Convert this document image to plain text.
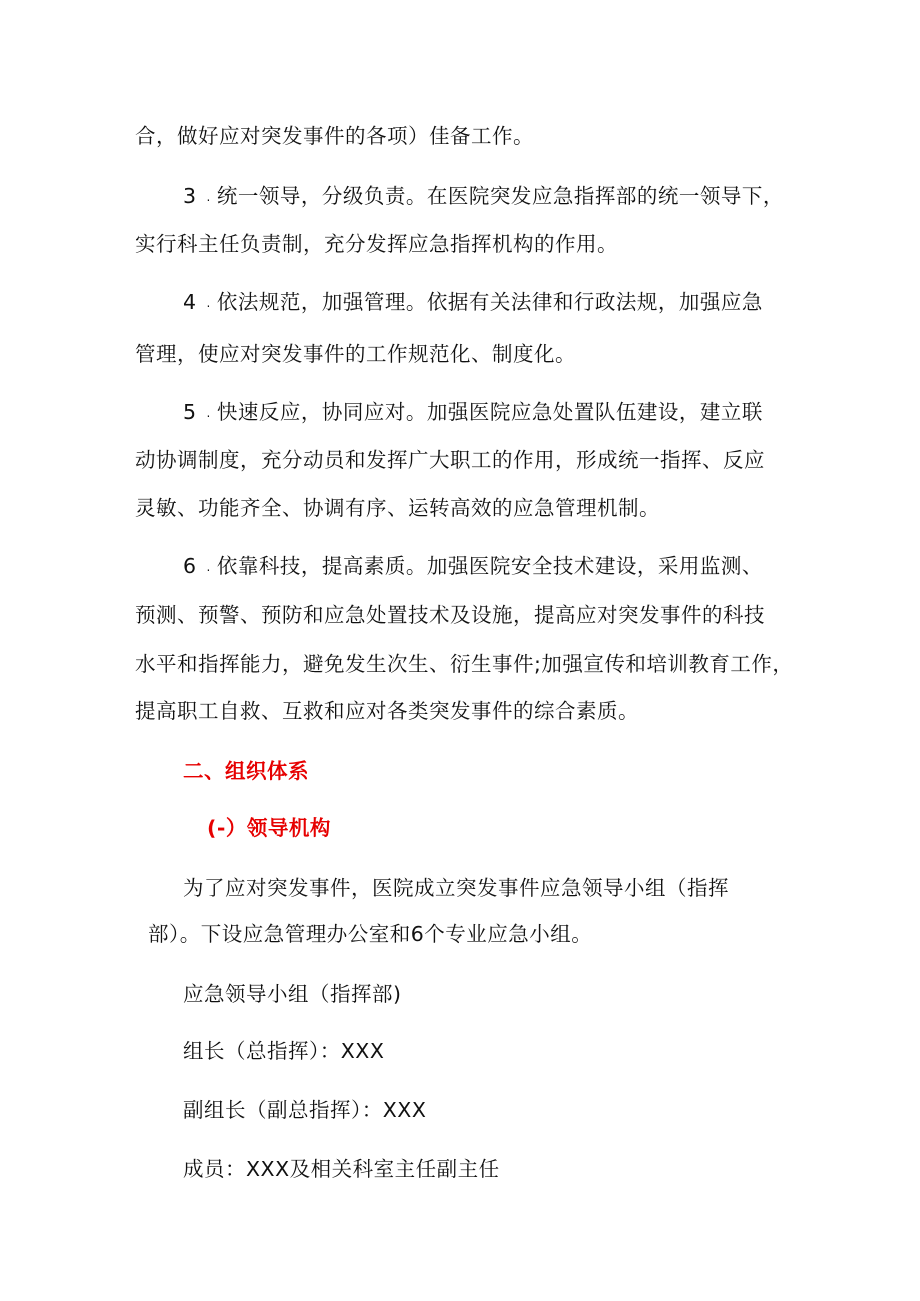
合，做好应对突发事件的各项）佳备工作。
3 . 统一领导，分级负责。在医院突发应急指挥部的统一领导下，
实行科主任负责制，充分发挥应急指挥机构的作用。
4 . 依法规范，加强管理。依据有关法律和行政法规，加强应急
管理，使应对突发事件的工作规范化、制度化。
5 . 快速反应，协同应对。加强医院应急处置队伍建设，建立联
动协调制度，充分动员和发挥广大职工的作用，形成统一指挥、反应
灵敏、功能齐全、协调有序、运转高效的应急管理机制。
6 . 依靠科技，提高素质。加强医院安全技术建设，采用监测、
预测、预警、预防和应急处置技术及设施，提高应对突发事件的科技
水平和指挥能力，避免发生次生、衍生事件;加强宣传和培训教育工作，
提高职工自救、互救和应对各类突发事件的综合素质。
二、组织体系
(-）领导机构
为了应对突发事件，医院成立突发事件应急领导小组（指挥
部）。下设应急管理办公室和6个专业应急小组。
应急领导小组（指挥部)
组长（总指挥）：XXX
副组长（副总指挥）：XXX
成员：XXX及相关科室主任副主任
